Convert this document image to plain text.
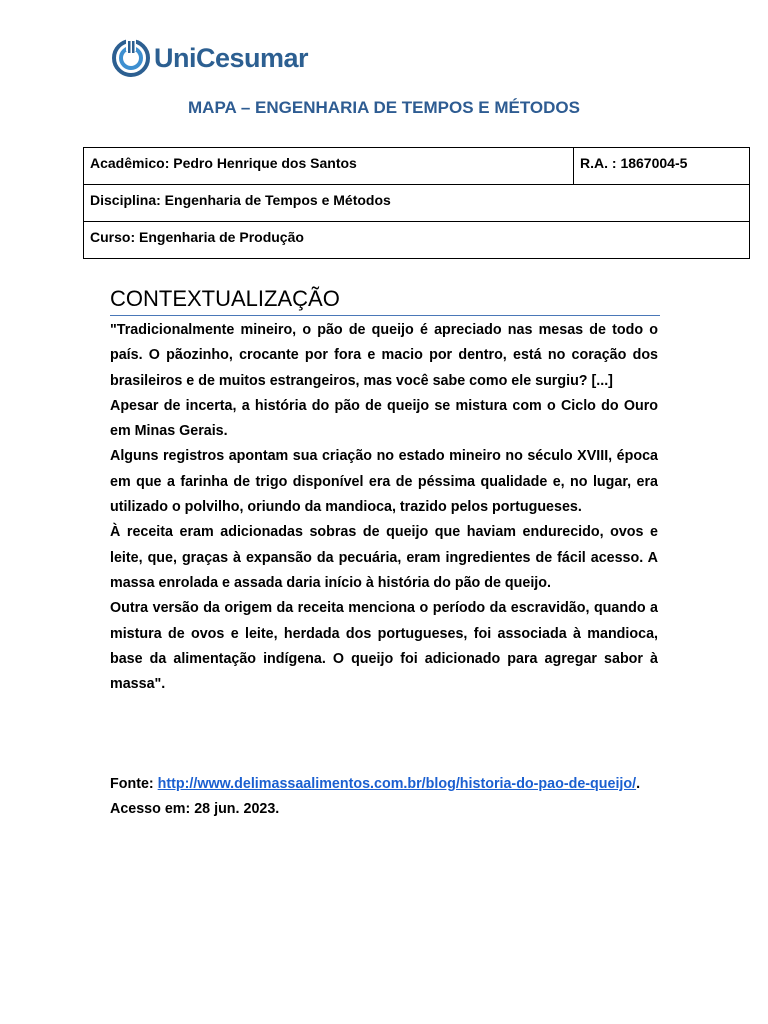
UniCesumar
MAPA – ENGENHARIA DE TEMPOS E MÉTODOS
Acadêmico: Pedro Henrique dos Santos	R.A. : 1867004-5
Disciplina: Engenharia de Tempos e Métodos
Curso: Engenharia de Produção
CONTEXTUALIZAÇÃO

"Tradicionalmente mineiro, o pão de queijo é apreciado nas mesas de todo o país. O pãozinho, crocante por fora e macio por dentro, está no coração dos brasileiros e de muitos estrangeiros, mas você sabe como ele surgiu? [...]

Apesar de incerta, a história do pão de queijo se mistura com o Ciclo do Ouro em Minas Gerais.

Alguns registros apontam sua criação no estado mineiro no século XVIII, época em que a farinha de trigo disponível era de péssima qualidade e, no lugar, era utilizado o polvilho, oriundo da mandioca, trazido pelos portugueses.

À receita eram adicionadas sobras de queijo que haviam endurecido, ovos e leite, que, graças à expansão da pecuária, eram ingredientes de fácil acesso. A massa enrolada e assada daria início à história do pão de queijo.

Outra versão da origem da receita menciona o período da escravidão, quando a mistura de ovos e leite, herdada dos portugueses, foi associada à mandioca, base da alimentação indígena. O queijo foi adicionado para agregar sabor à massa".

Fonte: http://www.delimassaalimentos.com.br/blog/historia-do-pao-de-queijo/. Acesso em: 28 jun. 2023.
